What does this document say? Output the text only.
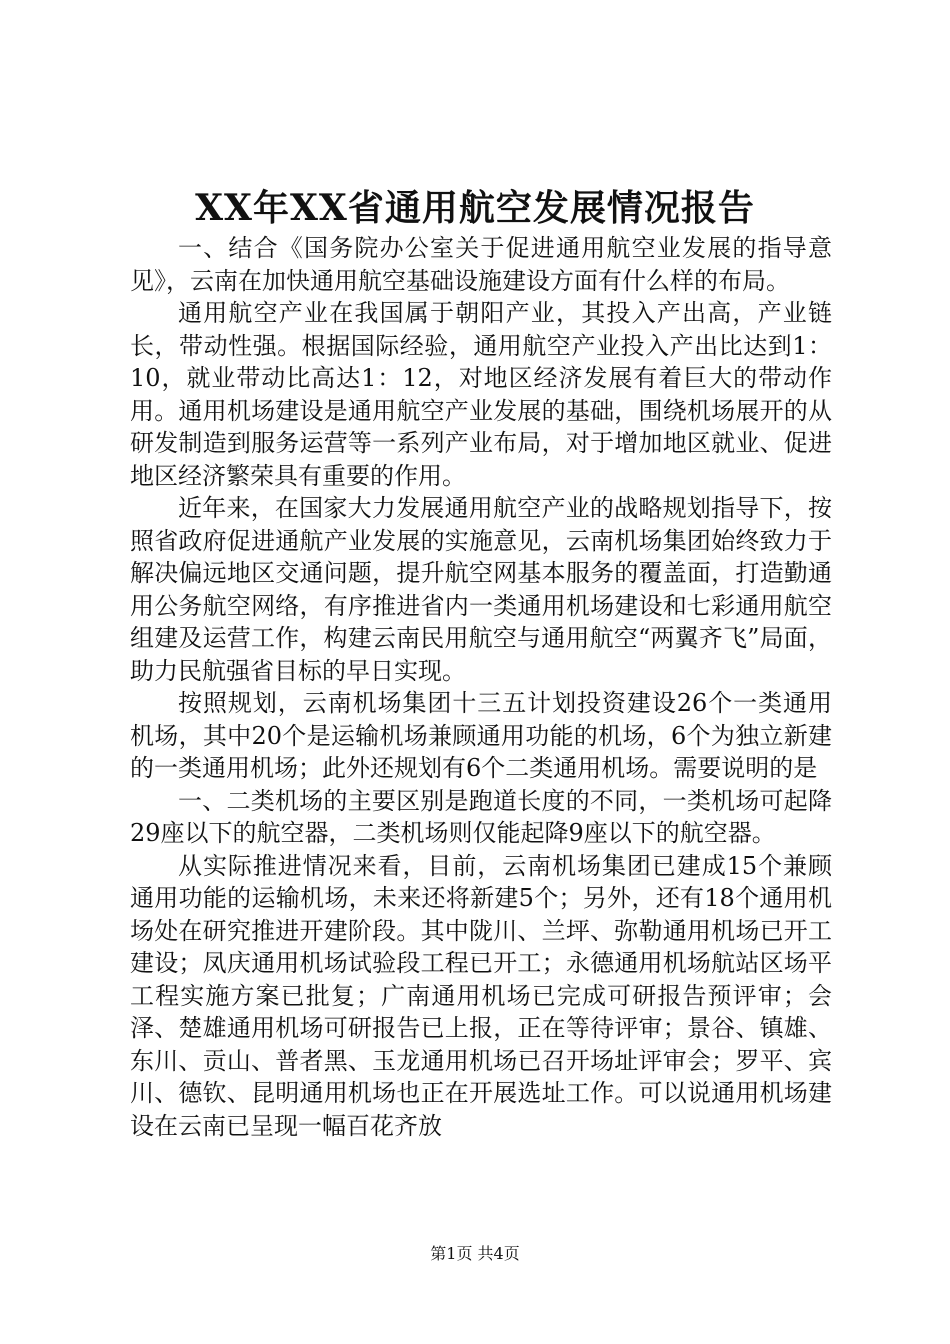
XX年XX省通用航空发展情况报告

一、结合《国务院办公室关于促进通用航空业发展的指导意见》，云南在加快通用航空基础设施建设方面有什么样的布局。

通用航空产业在我国属于朝阳产业，其投入产出高，产业链长，带动性强。根据国际经验，通用航空产业投入产出比达到1：10，就业带动比高达1：12，对地区经济发展有着巨大的带动作用。通用机场建设是通用航空产业发展的基础，围绕机场展开的从研发制造到服务运营等一系列产业布局，对于增加地区就业、促进地区经济繁荣具有重要的作用。

近年来，在国家大力发展通用航空产业的战略规划指导下，按照省政府促进通航产业发展的实施意见，云南机场集团始终致力于解决偏远地区交通问题，提升航空网基本服务的覆盖面，打造勤通用公务航空网络，有序推进省内一类通用机场建设和七彩通用航空组建及运营工作，构建云南民用航空与通用航空“两翼齐飞”局面，助力民航强省目标的早日实现。

按照规划，云南机场集团十三五计划投资建设26个一类通用机场，其中20个是运输机场兼顾通用功能的机场，6个为独立新建的一类通用机场；此外还规划有6个二类通用机场。需要说明的是

一、二类机场的主要区别是跑道长度的不同，一类机场可起降29座以下的航空器，二类机场则仅能起降9座以下的航空器。

从实际推进情况来看，目前，云南机场集团已建成15个兼顾通用功能的运输机场，未来还将新建5个；另外，还有18个通用机场处在研究推进开建阶段。其中陇川、兰坪、弥勒通用机场已开工建设；凤庆通用机场试验段工程已开工；永德通用机场航站区场平工程实施方案已批复；广南通用机场已完成可研报告预评审；会泽、楚雄通用机场可研报告已上报，正在等待评审；景谷、镇雄、东川、贡山、普者黑、玉龙通用机场已召开场址评审会；罗平、宾川、德钦、昆明通用机场也正在开展选址工作。可以说通用机场建设在云南已呈现一幅百花齐放

第1页 共4页
